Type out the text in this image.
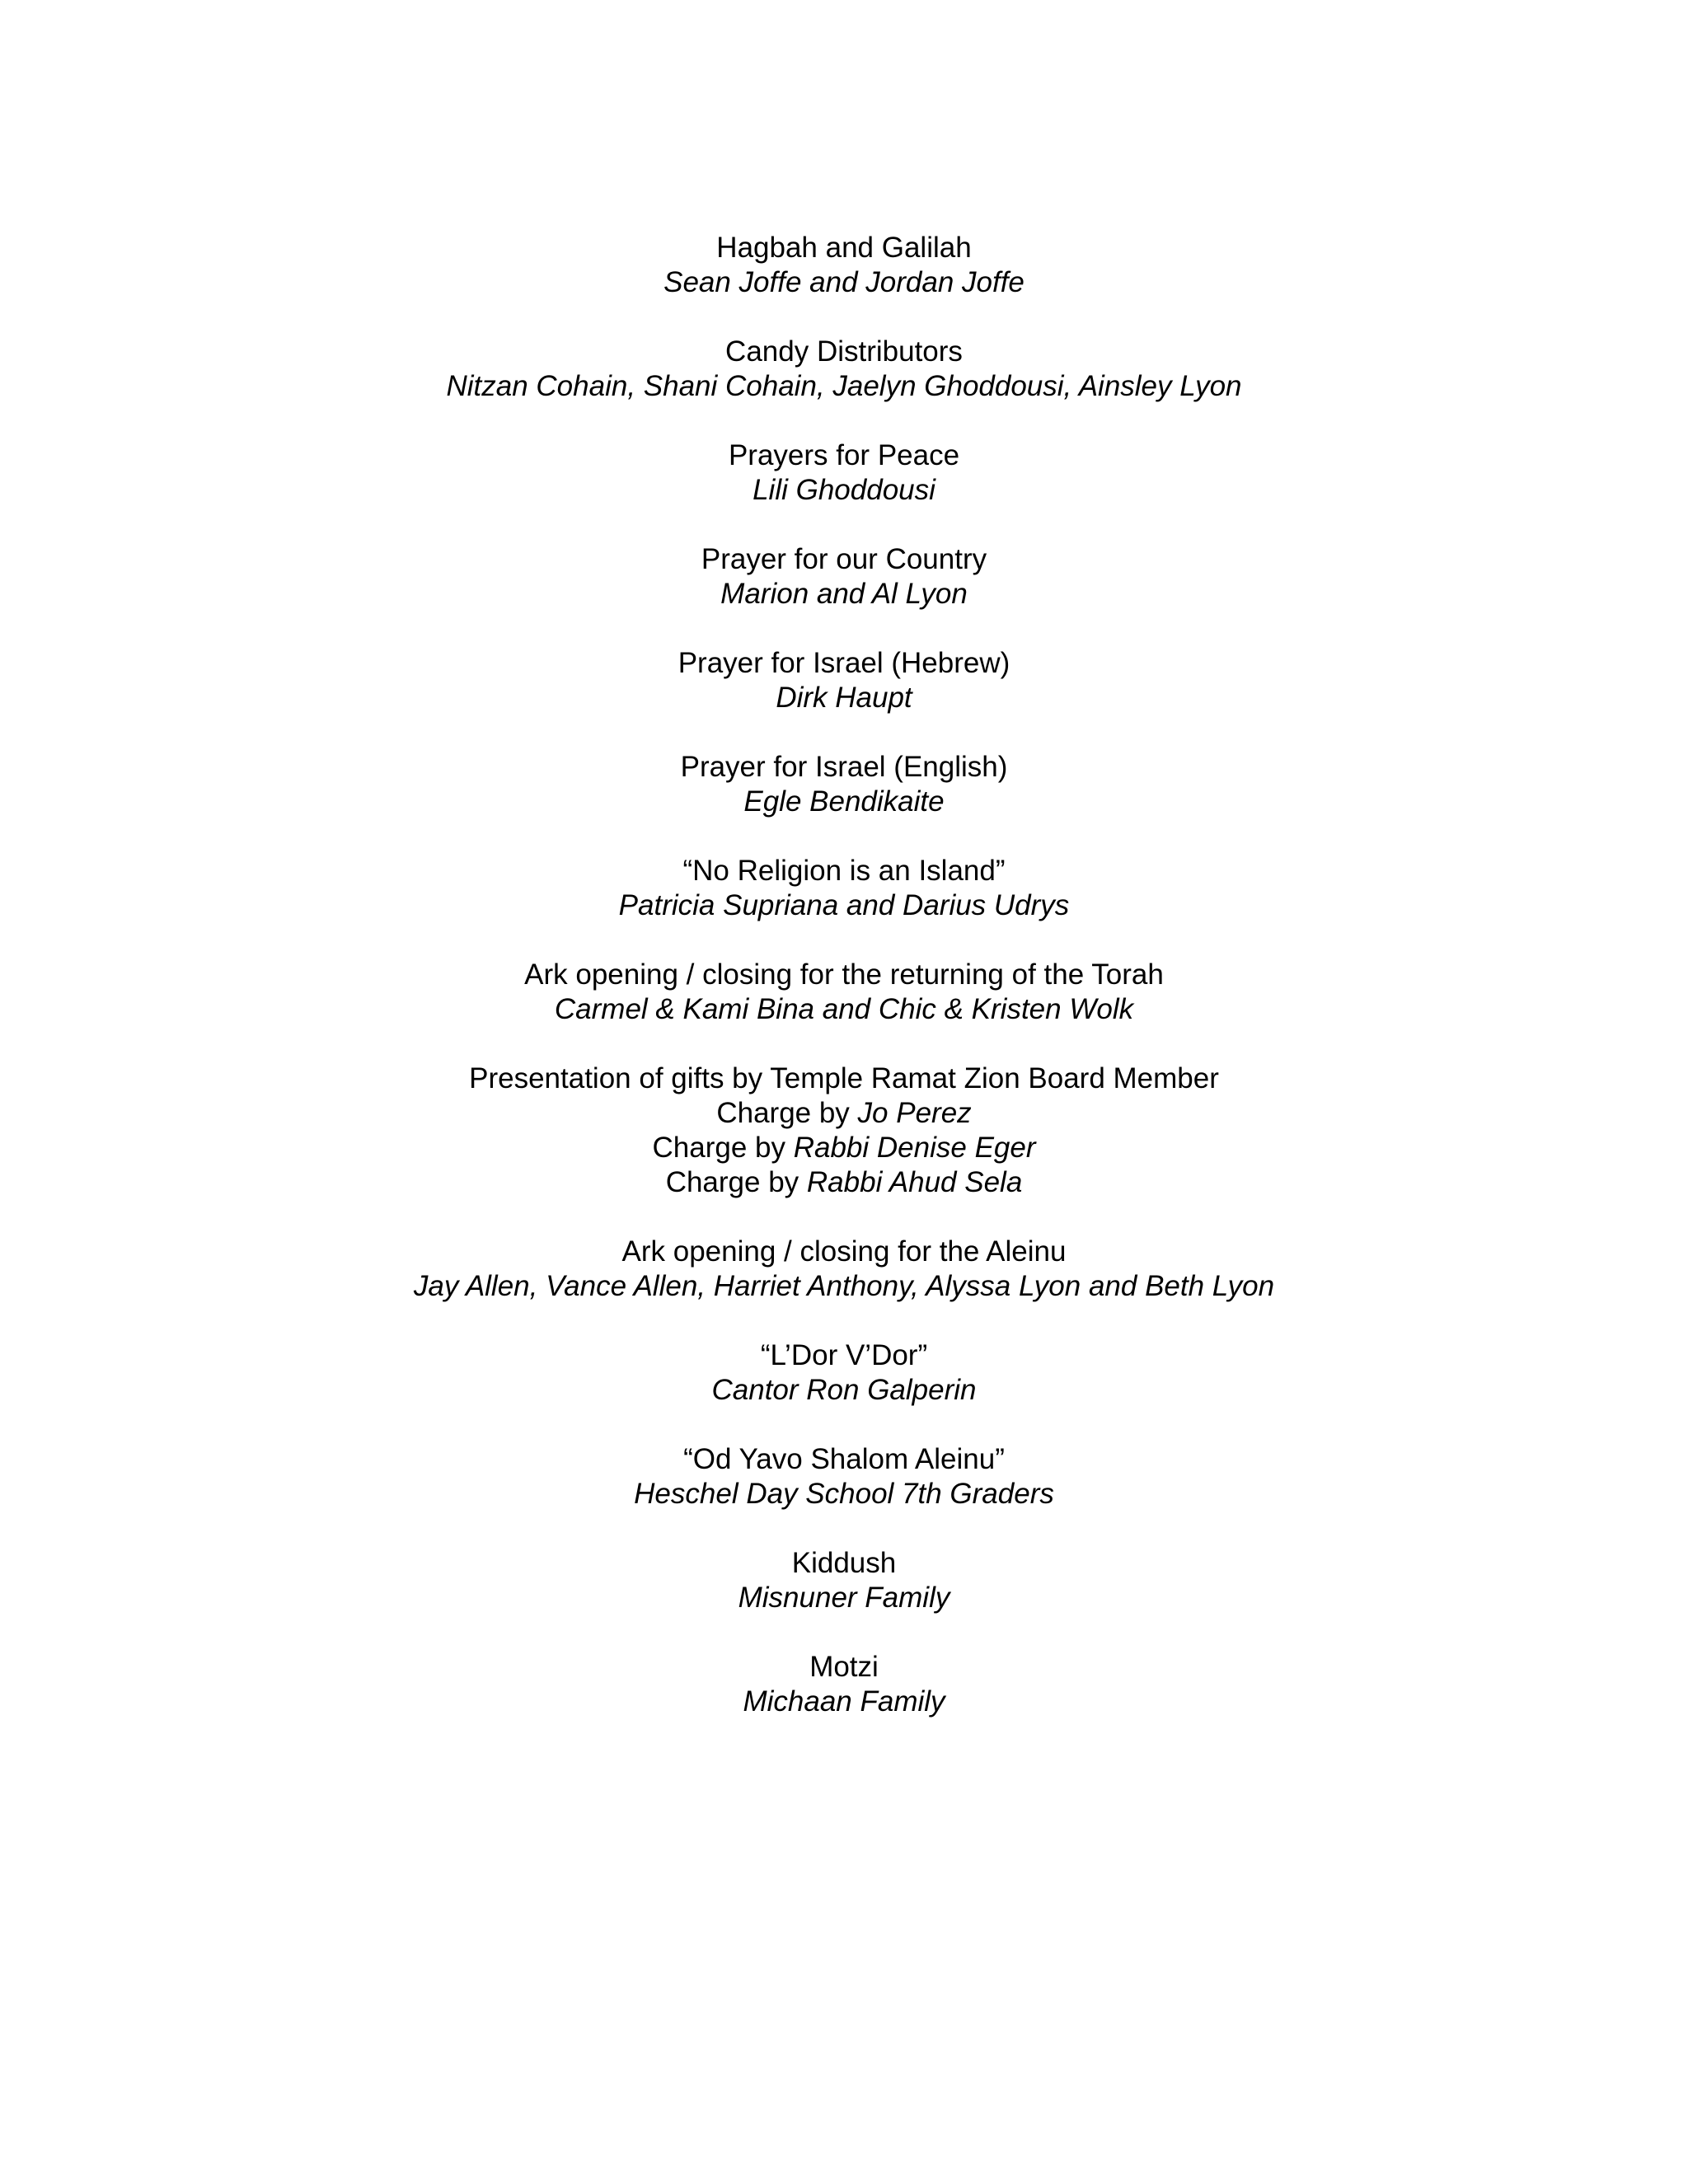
Hagbah and Galilah
Sean Joffe and Jordan Joffe
Candy Distributors
Nitzan Cohain, Shani Cohain, Jaelyn Ghoddousi, Ainsley Lyon
Prayers for Peace
Lili Ghoddousi
Prayer for our Country
Marion and Al Lyon
Prayer for Israel (Hebrew)
Dirk Haupt
Prayer for Israel (English)
Egle Bendikaite
“No Religion is an Island”
Patricia Supriana and Darius Udrys
Ark opening / closing for the returning of the Torah
Carmel & Kami Bina and Chic & Kristen Wolk
Presentation of gifts by Temple Ramat Zion Board Member
Charge by Jo Perez
Charge by Rabbi Denise Eger
Charge by Rabbi Ahud Sela
Ark opening / closing for the Aleinu
Jay Allen, Vance Allen, Harriet Anthony, Alyssa Lyon and Beth Lyon
“L’Dor V’Dor”
Cantor Ron Galperin
“Od Yavo Shalom Aleinu”
Heschel Day School 7th Graders
Kiddush
Misnuner Family
Motzi
Michaan Family
